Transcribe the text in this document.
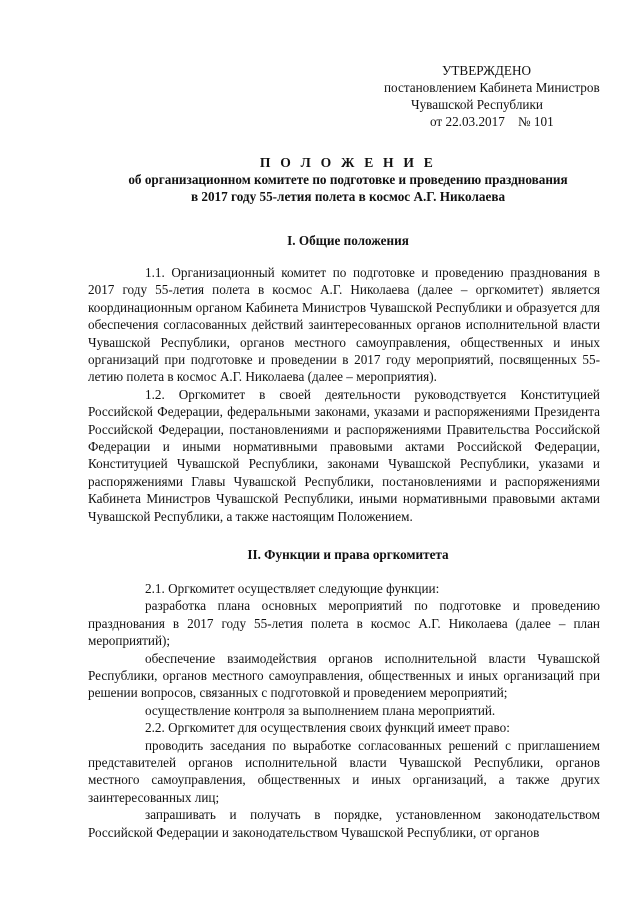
УТВЕРЖДЕНО
постановлением Кабинета Министров
Чувашской Республики
от 22.03.2017    № 101
П О Л О Ж Е Н И Е
об организационном комитете по подготовке и проведению празднования
в 2017 году 55-летия полета в космос А.Г. Николаева
I. Общие положения

1.1. Организационный комитет по подготовке и проведению празднования в 2017 году 55-летия полета в космос А.Г. Николаева (далее – оргкомитет) является координационным органом Кабинета Министров Чувашской Республики и образуется для обеспечения согласованных действий заинтересованных органов исполнительной власти Чувашской Республики, органов местного самоуправления, общественных и иных организаций при подготовке и проведении в 2017 году мероприятий, посвященных 55-летию полета в космос А.Г. Николаева (далее – мероприятия).

1.2. Оргкомитет в своей деятельности руководствуется Конституцией Российской Федерации, федеральными законами, указами и распоряжениями Президента Российской Федерации, постановлениями и распоряжениями Правительства Российской Федерации и иными нормативными правовыми актами Российской Федерации, Конституцией Чувашской Республики, законами Чувашской Республики, указами и распоряжениями Главы Чувашской Республики, постановлениями и распоряжениями Кабинета Министров Чувашской Республики, иными нормативными правовыми актами Чувашской Республики, а также настоящим Положением.

II. Функции и права оргкомитета

2.1. Оргкомитет осуществляет следующие функции:

разработка плана основных мероприятий по подготовке и проведению празднования в 2017 году 55-летия полета в космос А.Г. Николаева (далее – план мероприятий);

обеспечение взаимодействия органов исполнительной власти Чувашской Республики, органов местного самоуправления, общественных и иных организаций при решении вопросов, связанных с подготовкой и проведением мероприятий;

осуществление контроля за выполнением плана мероприятий.

2.2. Оргкомитет для осуществления своих функций имеет право:

проводить заседания по выработке согласованных решений с приглашением представителей органов исполнительной власти Чувашской Республики, органов местного самоуправления, общественных и иных организаций, а также других заинтересованных лиц;

запрашивать и получать в порядке, установленном законодательством Российской Федерации и законодательством Чувашской Республики, от органов
